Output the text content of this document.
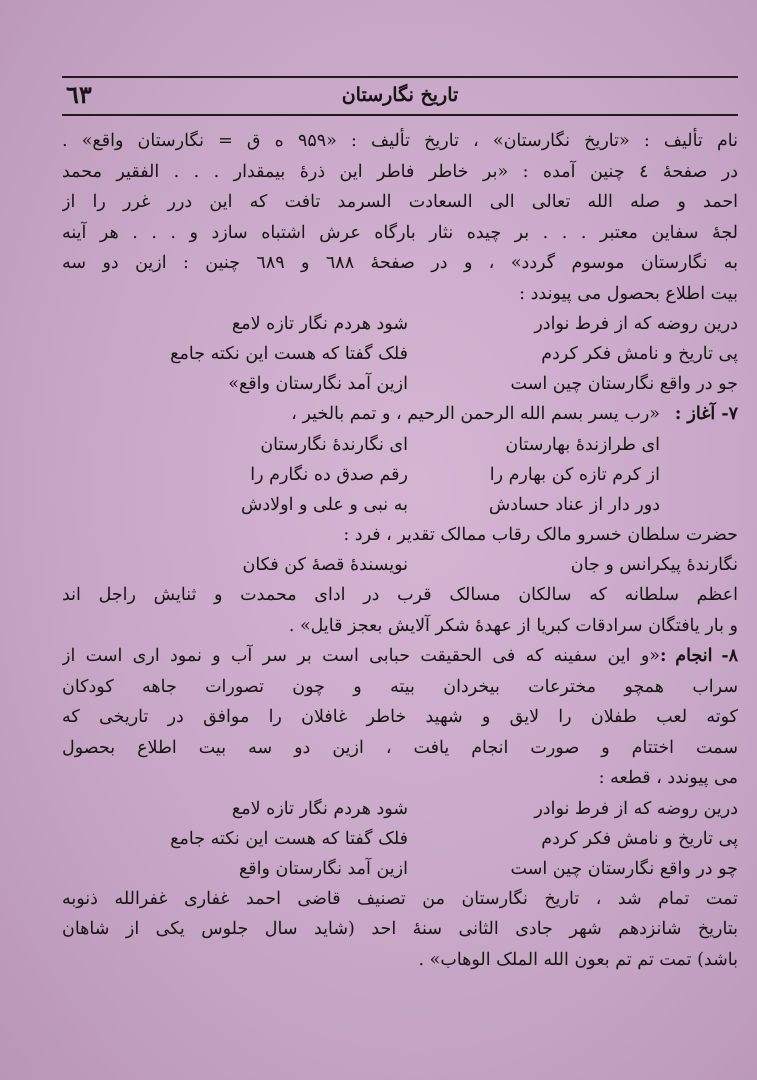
٦٣	تاریخ نگارستان
نام تألیف : «تاریخ نگارستان» ، تاریخ تألیف : «۹۵۹ ه ق = نگارستان واقع» .
در صفحهٔ ٤ چنین آمده : «بر خاطر فاطر این ذرهٔ بیمقدار . . . الفقیر محمد
احمد و صله الله تعالی الی السعادت السرمد تافت که این درر غرر را از
لجهٔ سفاین معتبر . . . بر چیده نثار بارگاه عرش اشتباه سازد و . . . هر آینه
به نگارستان موسوم گردد» ، و در صفحهٔ ٦٨٨ و ٦٨٩ چنین : ازین دو سه
بیت اطلاع بحصول می پیوندد :
درین روضه که از فرط نوادر
شود هردم نگار تازه لامع
پی تاریخ و نامش فکر کردم
فلک گفتا که هست این نکته جامع
جو در واقع نگارستان چین است
ازین آمد نگارستان واقع»
٧- آغاز :«رب یسر بسم الله الرحمن الرحیم ، و تمم بالخیر ،
ای طرازندهٔ بهارستان
ای نگارندهٔ نگارستان
از کرم تازه کن بهارم را
رقم صدق ده نگارم را
دور دار از عناد حسادش
به نبی و علی و اولادش
حضرت سلطان خسرو مالک رقاب ممالک تقدیر ، فرد :
نگارندهٔ پیکرانس و جان
نویسندهٔ قصهٔ کن فکان
اعظم سلطانه که سالکان مسالک قرب در ادای محمدت و ثنایش راجل اند
و بار یافتگان سرادقات کبریا از عهدهٔ شکر آلایش بعجز قایل» .
٨- انجام :«و این سفینه که فی الحقیقت حبابی است بر سر آب و نمود اری است از
سراب همچو مخترعات بیخردان بیته و چون تصورات جاهه کودکان
کوته لعب طفلان را لایق و شهید خاطر غافلان را موافق در تاریخی که
سمت اختتام و صورت انجام یافت ، ازین دو سه بیت اطلاع بحصول
می پیوندد ، قطعه :
درین روضه که از فرط نوادر
شود هردم نگار تازه لامع
پی تاریخ و نامش فکر کردم
فلک گفتا که هست این نکته جامع
چو در واقع نگارستان چین است
ازین آمد نگارستان واقع
تمت تمام شد ، تاریخ نگارستان من تصنیف قاضی احمد غفاری غفرالله ذنوبه
بتاریخ شانزدهم شهر جادی الثانی سنهٔ احد (شاید سال جلوس یکی از شاهان
باشد) تمت تم تم بعون الله الملک الوهاب» .
